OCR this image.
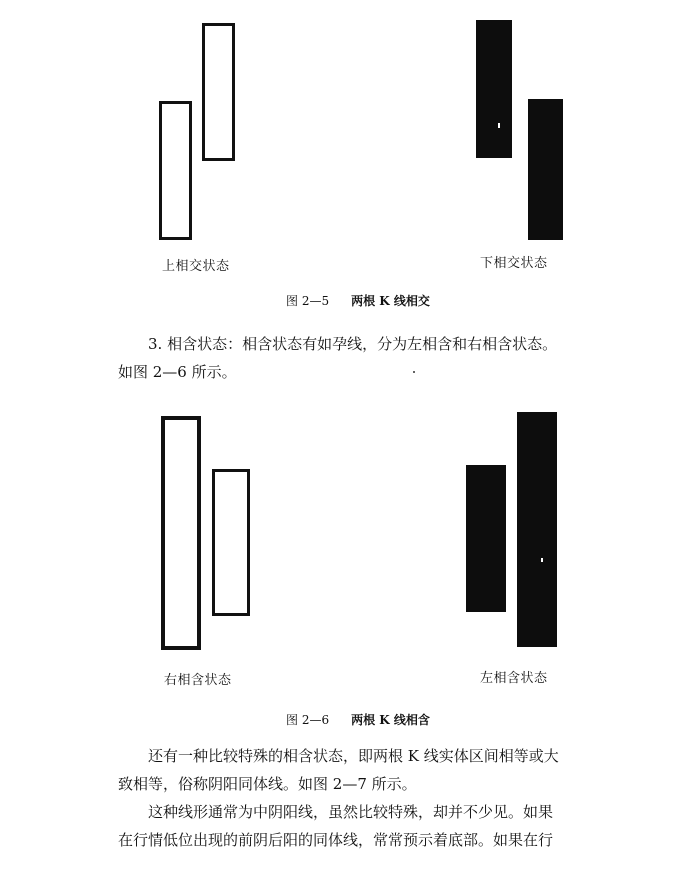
上相交状态	下相交状态
图 2—5 两根 K 线相交
3. 相含状态：相含状态有如孕线，分为左相含和右相含状态。
如图 2—6 所示。
右相含状态	左相含状态
图 2—6 两根 K 线相含
还有一种比较特殊的相含状态，即两根 K 线实体区间相等或大
致相等，俗称阴阳同体线。如图 2—7 所示。
这种线形通常为中阴阳线，虽然比较特殊，却并不少见。如果
在行情低位出现的前阴后阳的同体线，常常预示着底部。如果在行
